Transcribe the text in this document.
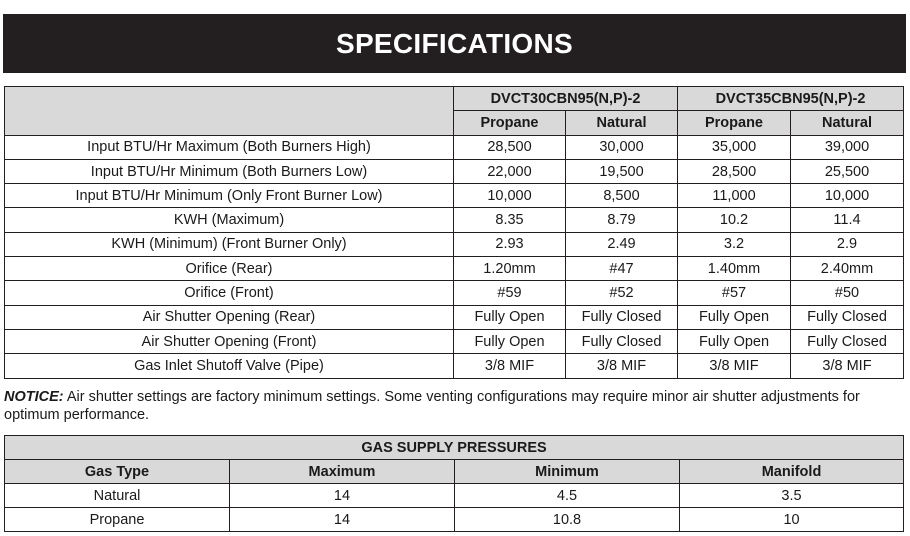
SPECIFICATIONS
	DVCT30CBN95(N,P)-2		DVCT35CBN95(N,P)-2	
	Propane	Natural	Propane	Natural
Input BTU/Hr Maximum (Both Burners High)	28,500	30,000	35,000	39,000
Input BTU/Hr Minimum (Both Burners Low)	22,000	19,500	28,500	25,500
Input BTU/Hr Minimum (Only Front Burner Low)	10,000	8,500	11,000	10,000
KWH (Maximum)	8.35	8.79	10.2	11.4
KWH (Minimum) (Front Burner Only)	2.93	2.49	3.2	2.9
Orifice (Rear)	1.20mm	#47	1.40mm	2.40mm
Orifice (Front)	#59	#52	#57	#50
Air Shutter Opening (Rear)	Fully Open	Fully Closed	Fully Open	Fully Closed
Air Shutter Opening (Front)	Fully Open	Fully Closed	Fully Open	Fully Closed
Gas Inlet Shutoff Valve (Pipe)	3/8 MIF	3/8 MIF	3/8 MIF	3/8 MIF
NOTICE: Air shutter settings are factory minimum settings. Some venting configurations may require minor air shutter adjustments for optimum performance.
GAS SUPPLY PRESSURES			
Gas Type	Maximum	Minimum	Manifold
Natural	14	4.5	3.5
Propane	14	10.8	10
